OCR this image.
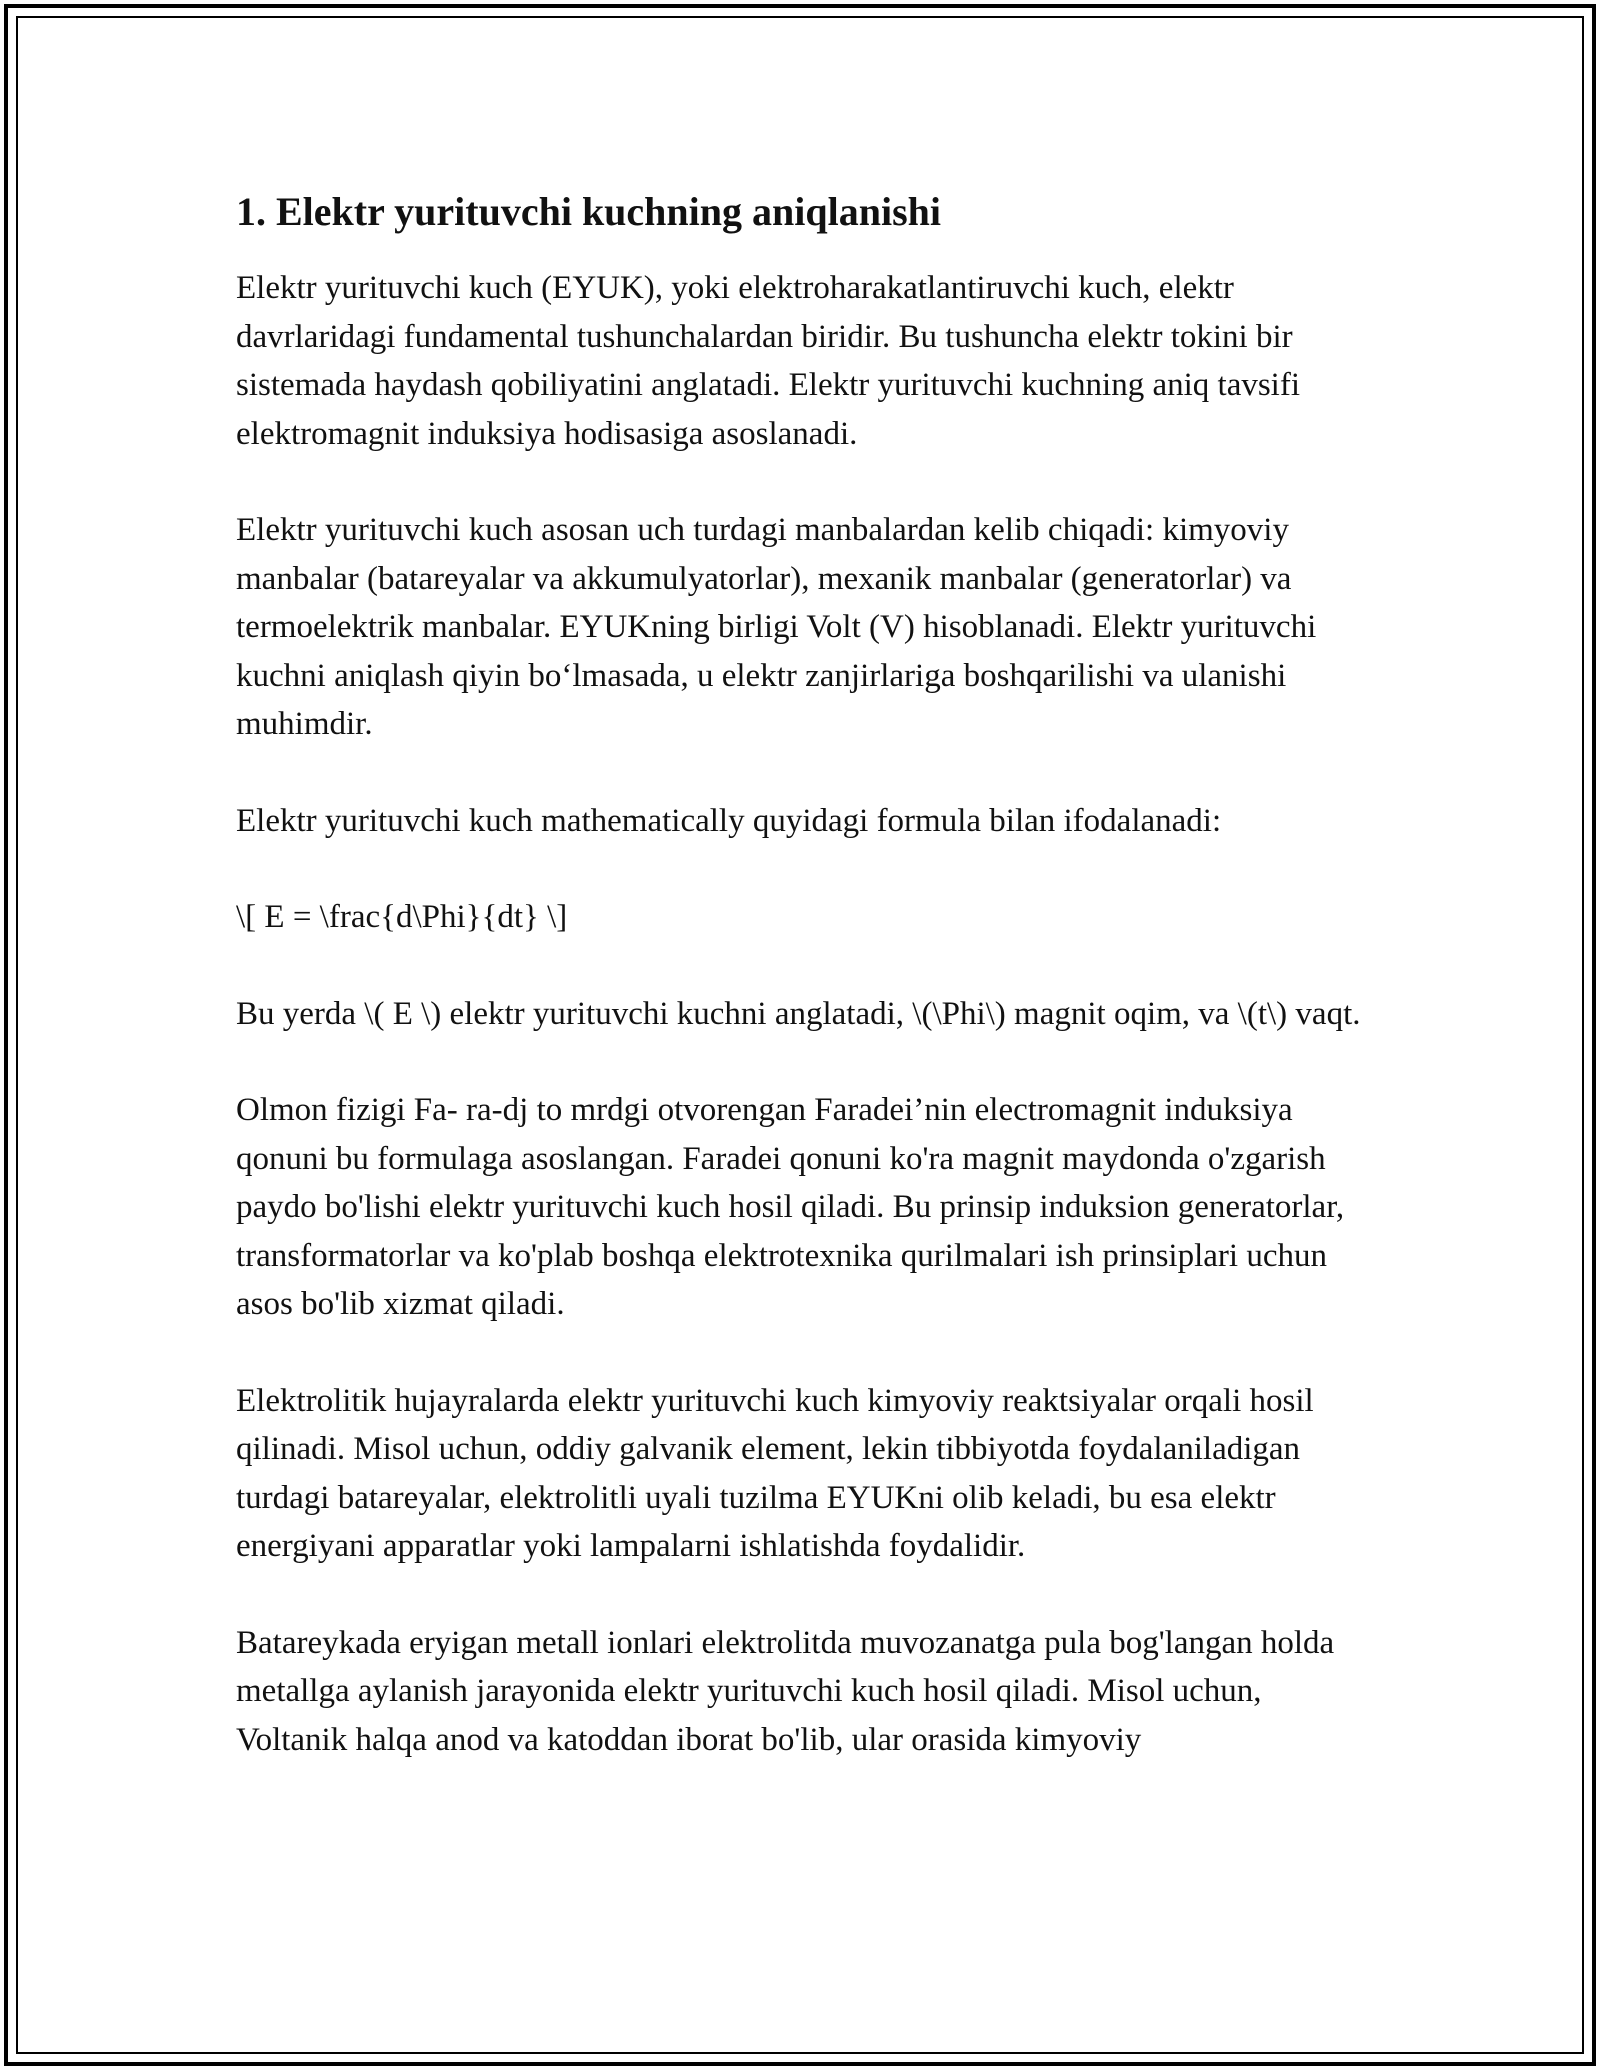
1. Elektr yurituvchi kuchning aniqlanishi

Elektr yurituvchi kuch (EYUK), yoki elektroharakatlantiruvchi kuch, elektr davrlaridagi fundamental tushunchalardan biridir. Bu tushuncha elektr tokini bir sistemada haydash qobiliyatini anglatadi. Elektr yurituvchi kuchning aniq tavsifi elektromagnit induksiya hodisasiga asoslanadi.

Elektr yurituvchi kuch asosan uch turdagi manbalardan kelib chiqadi: kimyoviy manbalar (batareyalar va akkumulyatorlar), mexanik manbalar (generatorlar) va termoelektrik manbalar. EYUKning birligi Volt (V) hisoblanadi. Elektr yurituvchi kuchni aniqlash qiyin bo‘lmasada, u elektr zanjirlariga boshqarilishi va ulanishi muhimdir.

Elektr yurituvchi kuch mathematically quyidagi formula bilan ifodalanadi:

\[ E = \frac{d\Phi}{dt} \]

Bu yerda \( E \) elektr yurituvchi kuchni anglatadi, \(\Phi\) magnit oqim, va \(t\) vaqt.

Olmon fizigi Fa- ra-dj to mrdgi otvorengan Faradei’nin electromagnit induksiya qonuni bu formulaga asoslangan. Faradei qonuni ko'ra magnit maydonda o'zgarish paydo bo'lishi elektr yurituvchi kuch hosil qiladi. Bu prinsip induksion generatorlar, transformatorlar va ko'plab boshqa elektrotexnika qurilmalari ish prinsiplari uchun asos bo'lib xizmat qiladi.

Elektrolitik hujayralarda elektr yurituvchi kuch kimyoviy reaktsiyalar orqali hosil qilinadi. Misol uchun, oddiy galvanik element, lekin tibbiyotda foydalaniladigan turdagi batareyalar, elektrolitli uyali tuzilma EYUKni olib keladi, bu esa elektr energiyani apparatlar yoki lampalarni ishlatishda foydalidir.

Batareykada eryigan metall ionlari elektrolitda muvozanatga pula bog'langan holda metallga aylanish jarayonida elektr yurituvchi kuch hosil qiladi. Misol uchun, Voltanik halqa anod va katoddan iborat bo'lib, ular orasida kimyoviy
